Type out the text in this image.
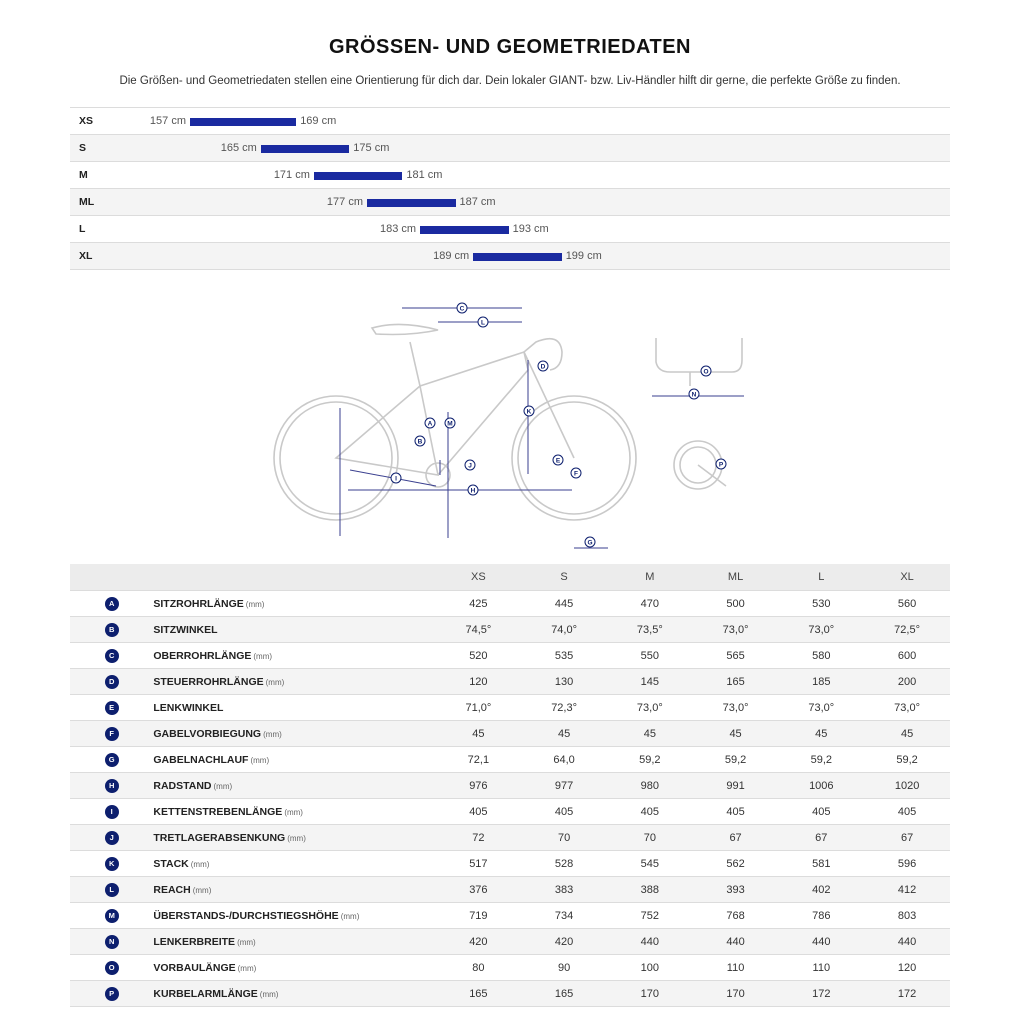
GRÖSSEN- UND GEOMETRIEDATEN
Die Größen- und Geometriedaten stellen eine Orientierung für dich dar. Dein lokaler GIANT- bzw. Liv-Händler hilft dir gerne, die perfekte Größe zu finden.
XS	157 cm	169 cm
S	165 cm	175 cm
M	171 cm	181 cm
ML	177 cm	187 cm
L	183 cm	193 cm
XL	189 cm	199 cm
A
B
C
D
E
F
G
H
I
J
K
L
M
N
O
P
		XS	S	M	ML	L	XL
A	SITZROHRLÄNGE (mm)	425	445	470	500	530	560
B	SITZWINKEL	74,5°	74,0°	73,5°	73,0°	73,0°	72,5°
C	OBERROHRLÄNGE (mm)	520	535	550	565	580	600
D	STEUERROHRLÄNGE (mm)	120	130	145	165	185	200
E	LENKWINKEL	71,0°	72,3°	73,0°	73,0°	73,0°	73,0°
F	GABELVORBIEGUNG (mm)	45	45	45	45	45	45
G	GABELNACHLAUF (mm)	72,1	64,0	59,2	59,2	59,2	59,2
H	RADSTAND (mm)	976	977	980	991	1006	1020
I	KETTENSTREBENLÄNGE (mm)	405	405	405	405	405	405
J	TRETLAGERABSENKUNG (mm)	72	70	70	67	67	67
K	STACK (mm)	517	528	545	562	581	596
L	REACH (mm)	376	383	388	393	402	412
M	ÜBERSTANDS-/DURCHSTIEGSHÖHE (mm)	719	734	752	768	786	803
N	LENKERBREITE (mm)	420	420	440	440	440	440
O	VORBAULÄNGE (mm)	80	90	100	110	110	120
P	KURBELARMLÄNGE (mm)	165	165	170	170	172	172
